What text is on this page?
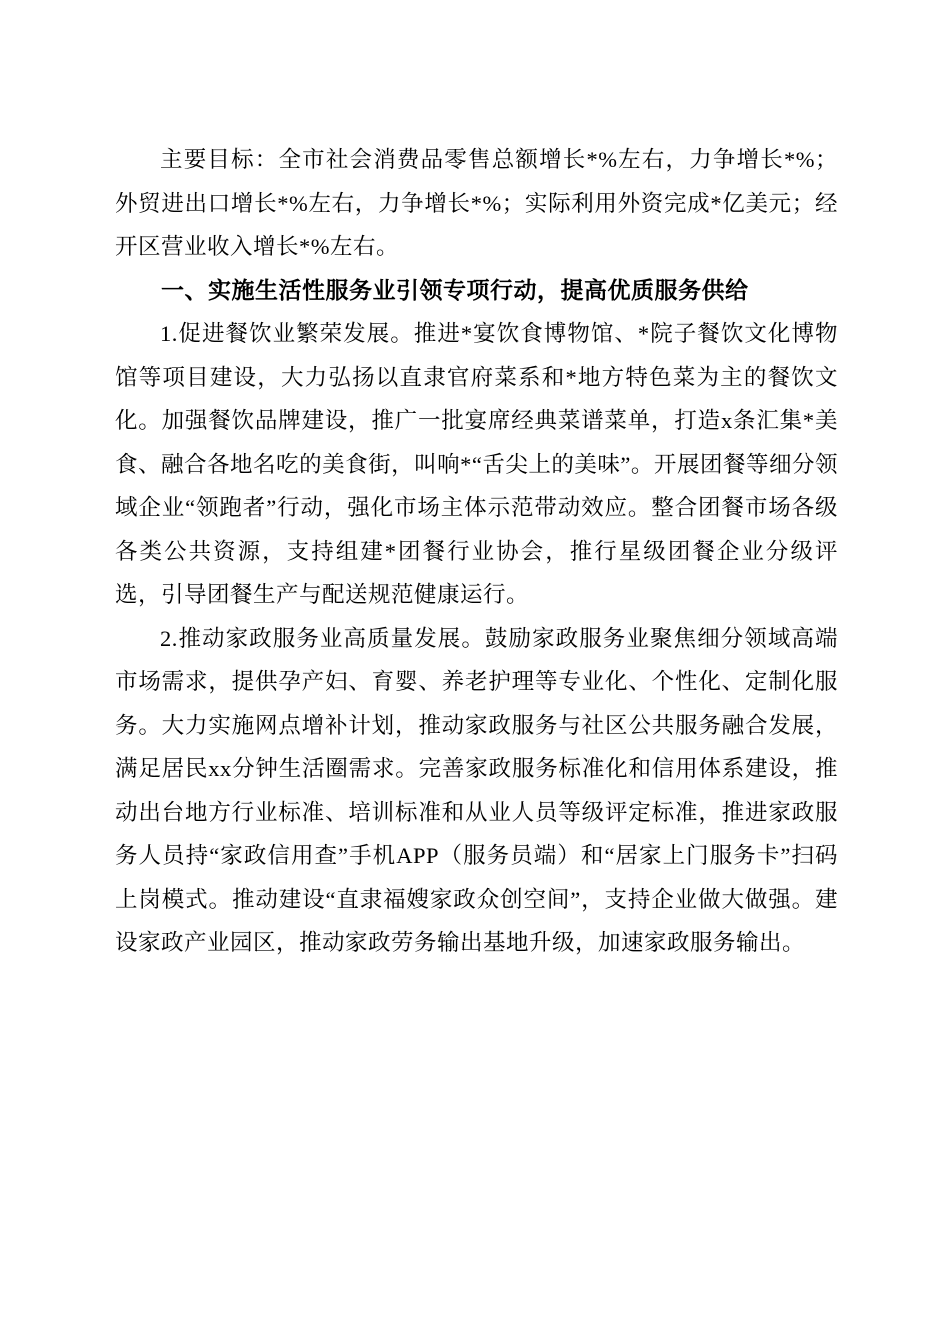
主要目标：全市社会消费品零售总额增长*%左右，力争增长*%；外贸进出口增长*%左右，力争增长*%；实际利用外资完成*亿美元；经开区营业收入增长*%左右。

一、实施生活性服务业引领专项行动，提高优质服务供给

1.促进餐饮业繁荣发展。推进*宴饮食博物馆、*院子餐饮文化博物馆等项目建设，大力弘扬以直隶官府菜系和*地方特色菜为主的餐饮文化。加强餐饮品牌建设，推广一批宴席经典菜谱菜单，打造x条汇集*美食、融合各地名吃的美食街，叫响*“舌尖上的美味”。开展团餐等细分领域企业“领跑者”行动，强化市场主体示范带动效应。整合团餐市场各级各类公共资源，支持组建*团餐行业协会，推行星级团餐企业分级评选，引导团餐生产与配送规范健康运行。

2.推动家政服务业高质量发展。鼓励家政服务业聚焦细分领域高端市场需求，提供孕产妇、育婴、养老护理等专业化、个性化、定制化服务。大力实施网点增补计划，推动家政服务与社区公共服务融合发展，满足居民xx分钟生活圈需求。完善家政服务标准化和信用体系建设，推动出台地方行业标准、培训标准和从业人员等级评定标准，推进家政服务人员持“家政信用查”手机APP（服务员端）和“居家上门服务卡”扫码上岗模式。推动建设“直隶福嫂家政众创空间”，支持企业做大做强。建设家政产业园区，推动家政劳务输出基地升级，加速家政服务输出。
